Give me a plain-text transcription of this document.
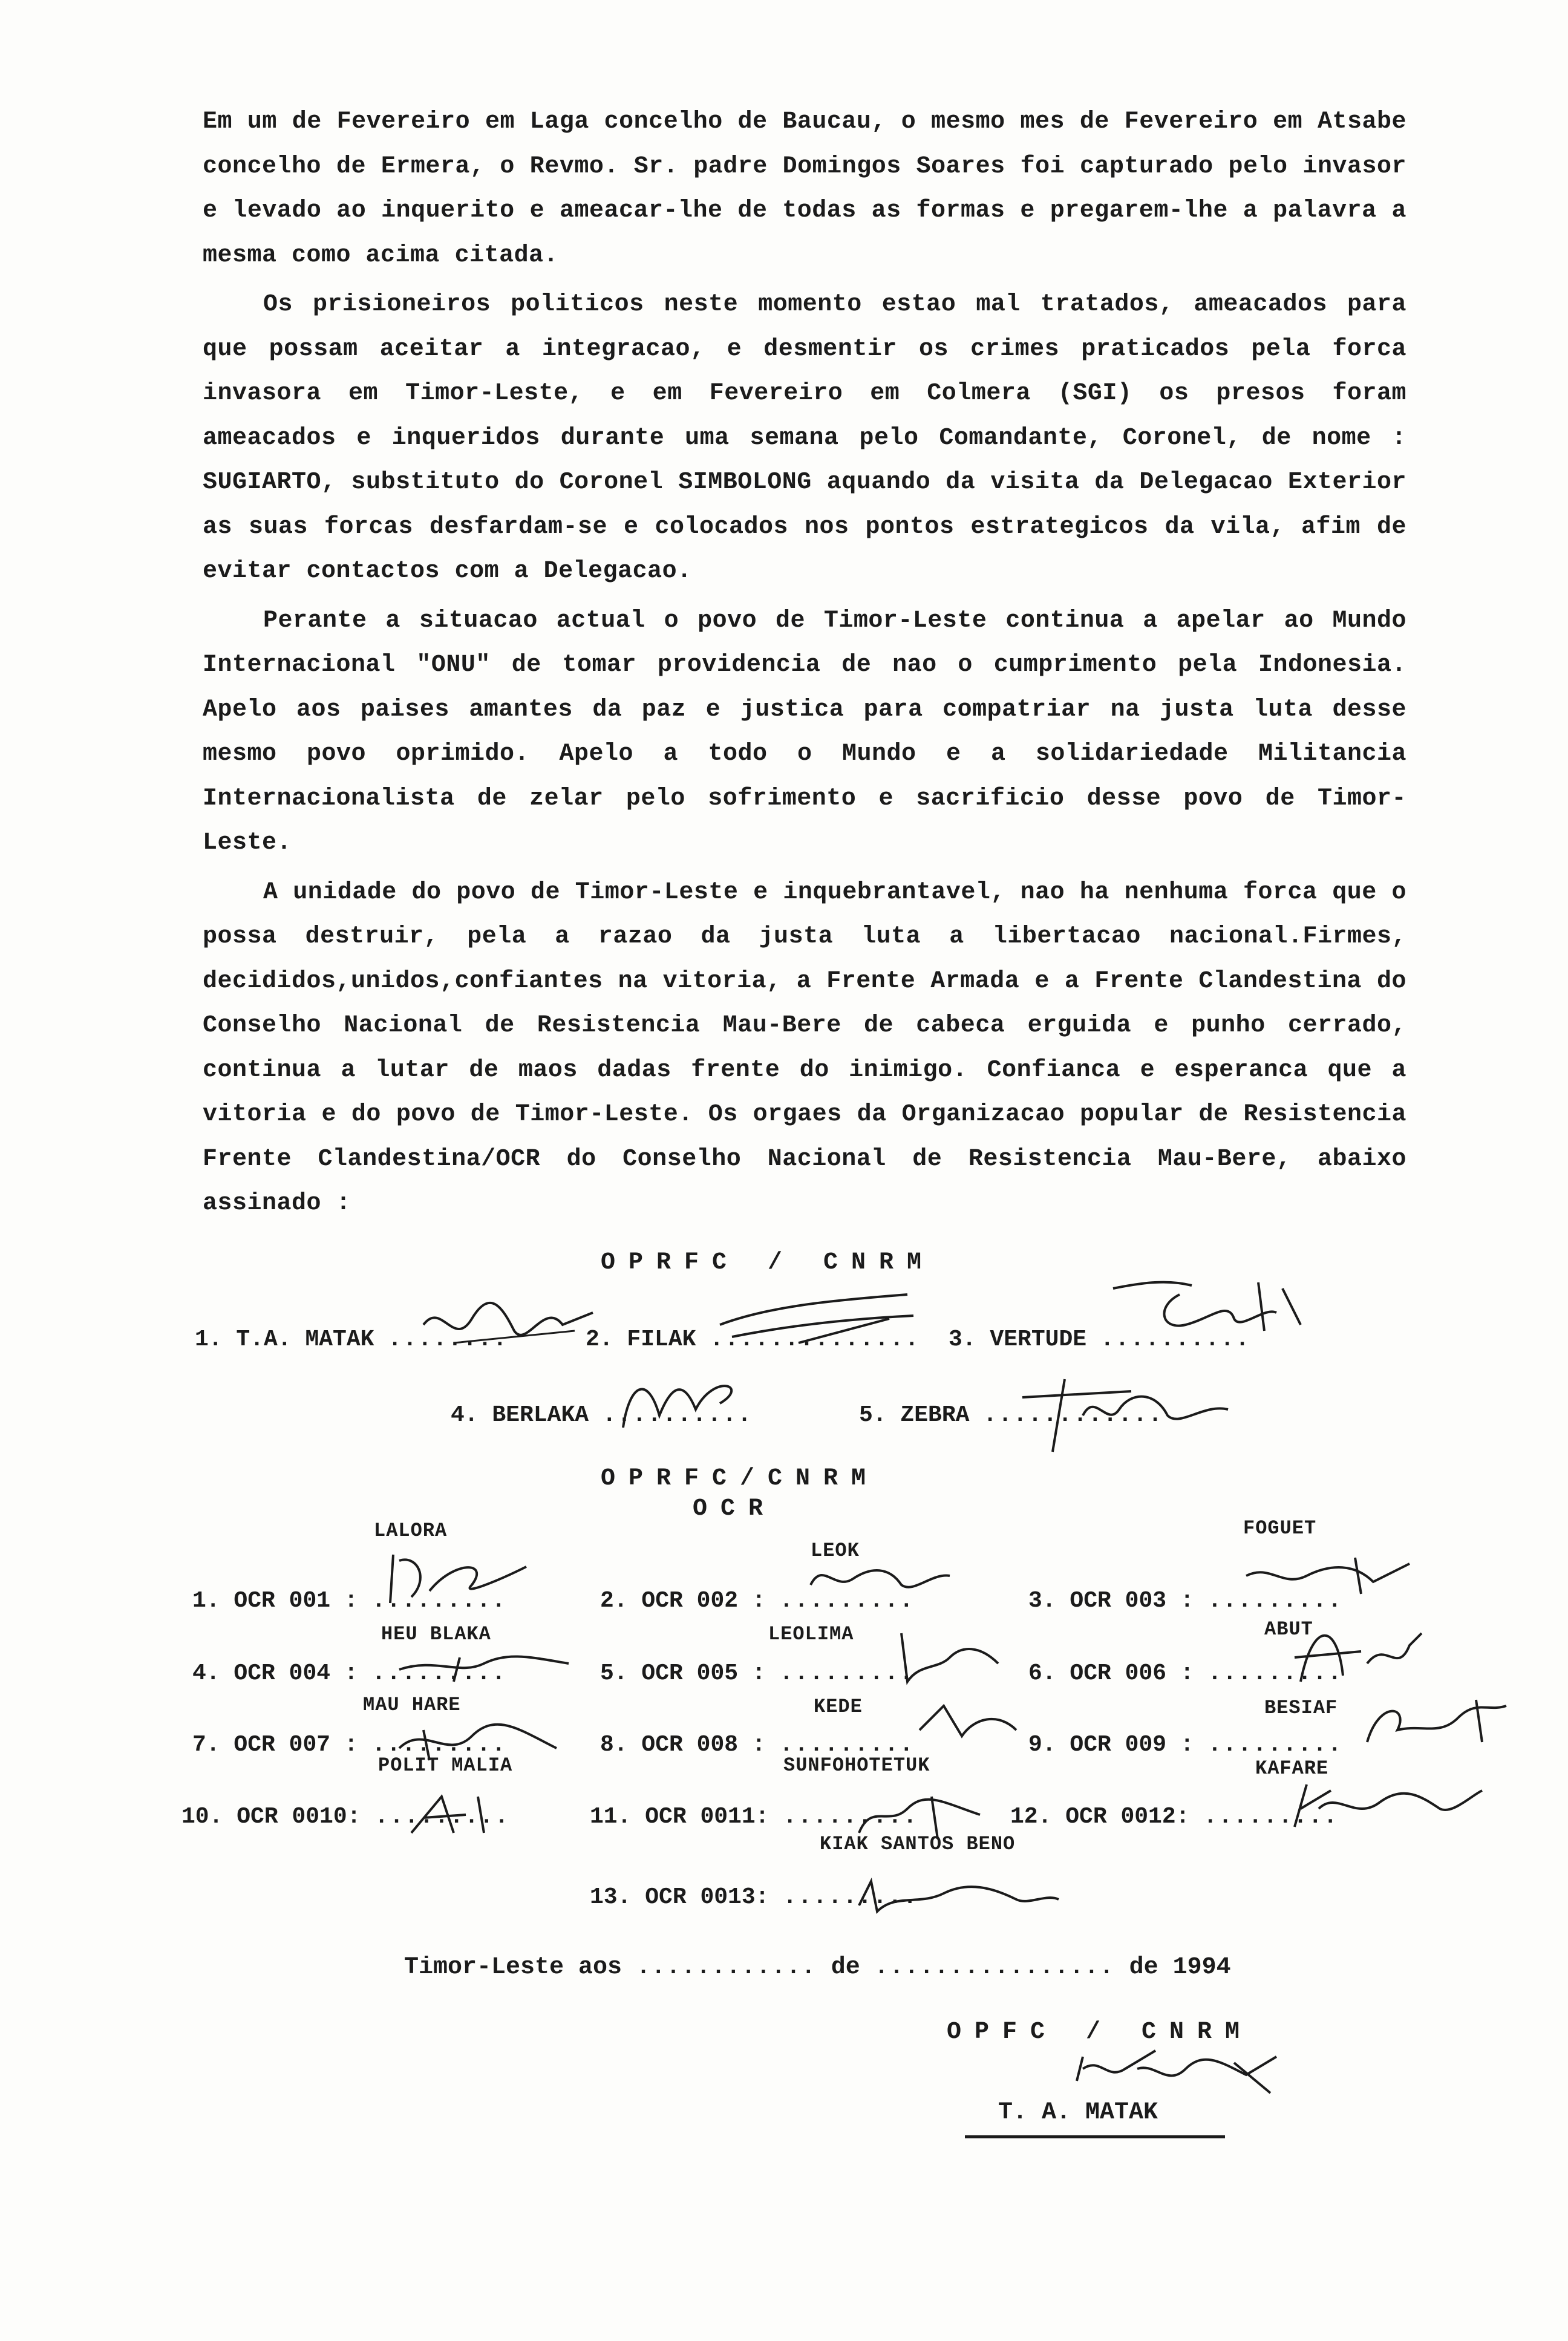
Em um de Fevereiro em Laga concelho de Baucau, o mesmo mes de Fevereiro em Atsabe concelho de Ermera, o Revmo. Sr. padre Domingos Soares foi capturado pelo invasor e levado ao inquerito e ameacar-lhe de todas as formas e pregarem-lhe a palavra a mesma como acima citada.

Os prisioneiros politicos neste momento estao mal tratados, ameacados para que possam aceitar a integracao, e desmentir os crimes praticados pela forca invasora em Timor-Leste, e em Fevereiro em Colmera (SGI) os presos foram ameacados e inqueridos durante uma semana pelo Comandante, Coronel, de nome : SUGIARTO, substituto do Coronel SIMBOLONG aquando da visita da Delegacao Exterior as suas forcas desfardam-se e colocados nos pontos estrategicos da vila, afim de evitar contactos com a Delegacao.

Perante a situacao actual o povo de Timor-Leste continua a apelar ao Mundo Internacional "ONU" de tomar providencia de nao o cumprimento pela Indonesia. Apelo aos paises amantes da paz e justica para compatriar na justa luta desse mesmo povo oprimido. Apelo a todo o Mundo e a solidariedade Militancia Internacionalista de zelar pelo sofrimento e sacrificio desse povo de Timor-Leste.

A unidade do povo de Timor-Leste e inquebrantavel, nao ha nenhuma forca que o possa destruir, pela a razao da justa luta a libertacao nacional.Firmes, decididos,unidos,confiantes na vitoria, a Frente Armada e a Frente Clandestina do Conselho Nacional de Resistencia Mau-Bere de cabeca erguida e punho cerrado, continua a lutar de maos dadas frente do inimigo. Confianca e esperanca que a vitoria e do povo de Timor-Leste. Os orgaes da Organizacao popular de Resistencia Frente Clandestina/OCR do Conselho Nacional de Resistencia Mau-Bere, abaixo assinado :

OPRFC / CNRM
1. T.A. MATAK ........	2. FILAK .............. 3. VERTUDE ..........
4. BERLAKA ..........	5. ZEBRA ............
OPRFC/CNRM
OCR
LALORA
LEOK
FOGUET
1. OCR 001 : .........	2. OCR 002 : .........	3. OCR 003 : .........
HEU BLAKA	LEOLIMA	ABUT
4. OCR 004 : .........	5. OCR 005 : .........	6. OCR 006 : .........
MAU HARE	KEDE	BESIAF
7. OCR 007 : .........	8. OCR 008 : .........	9. OCR 009 : .........
POLIT MALIA	SUNFOHOTETUK	KAFARE
10. OCR 0010: .........	11. OCR 0011: .........	12. OCR 0012: .........
KIAK SANTOS BENO
13. OCR 0013: .........
Timor-Leste aos ............ de ................ de 1994
OPFC / CNRM
T. A. MATAK
